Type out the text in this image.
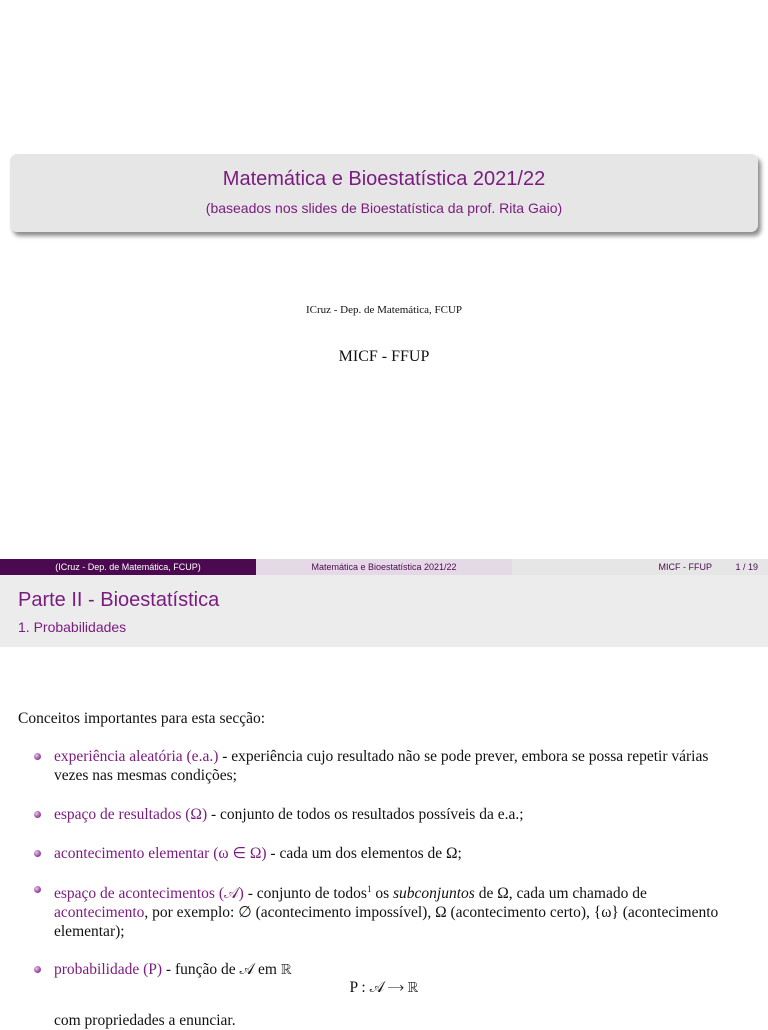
Matemática e Bioestatística 2021/22
(baseados nos slides de Bioestatística da prof. Rita Gaio)
ICruz - Dep. de Matemática, FCUP
MICF - FFUP
(ICruz - Dep. de Matemática, FCUP)	Matemática e Bioestatística 2021/22	MICF - FFUP	1 / 19
Parte II - Bioestatística
1. Probabilidades
Conceitos importantes para esta secção:
experiência aleatória (e.a.) - experiência cujo resultado não se pode prever, embora se possa repetir várias vezes nas mesmas condições;
espaço de resultados (Ω) - conjunto de todos os resultados possíveis da e.a.;
acontecimento elementar (ω ∈ Ω) - cada um dos elementos de Ω;
espaço de acontecimentos (𝒜) - conjunto de todos$^1$ os subconjuntos de Ω, cada um chamado de acontecimento, por exemplo: ∅ (acontecimento impossível), Ω (acontecimento certo), {ω} (acontecimento elementar);
probabilidade (P) - função de 𝒜 em ℝ
P : 𝒜 ⟶ ℝ
com propriedades a enunciar.
